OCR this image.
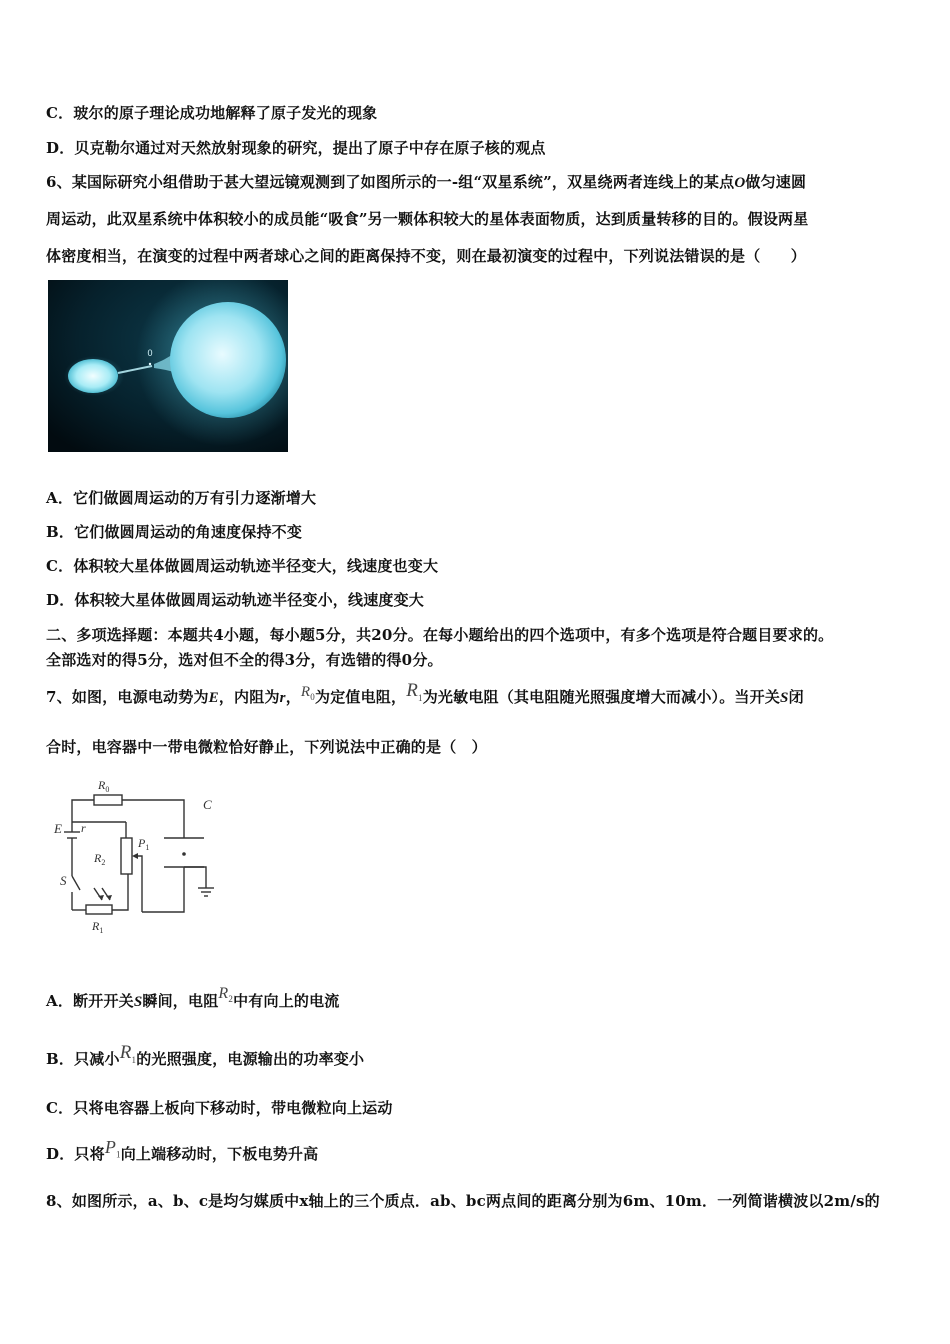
C．玻尔的原子理论成功地解释了原子发光的现象
D．贝克勒尔通过对天然放射现象的研究，提出了原子中存在原子核的观点
6、某国际研究小组借助于甚大望远镜观测到了如图所示的一-组“双星系统”，双星绕两者连线上的某点O做匀速圆
周运动，此双星系统中体积较小的成员能“吸食”另一颗体积较大的星体表面物质，达到质量转移的目的。假设两星
体密度相当，在演变的过程中两者球心之间的距离保持不变，则在最初演变的过程中，下列说法错误的是（　　）
0
A．它们做圆周运动的万有引力逐渐增大
B．它们做圆周运动的角速度保持不变
C．体积较大星体做圆周运动轨迹半径变大，线速度也变大
D．体积较大星体做圆周运动轨迹半径变小，线速度变大
二、多项选择题：本题共4小题，每小题5分，共20分。在每小题给出的四个选项中，有多个选项是符合题目要求的。
全部选对的得5分，选对但不全的得3分，有选错的得0分。
7、如图，电源电动势为E，内阻为r，$R_0$为定值电阻，$R_1$为光敏电阻（其电阻随光照强度增大而减小）。当开关S闭
合时，电容器中一带电微粒恰好静止，下列说法中正确的是（　）
$R_0$
C
E r
$P_1$
$R_2$
S
$R_1$
A．断开开关S瞬间，电阻$R_2$中有向上的电流
B．只减小$R_1$的光照强度，电源输出的功率变小
C．只将电容器上板向下移动时，带电微粒向上运动
D．只将$P_1$向上端移动时，下板电势升高
8、如图所示，a、b、c是均匀媒质中x轴上的三个质点．ab、bc两点间的距离分别为6m、10m．一列简谐横波以2m/s的
